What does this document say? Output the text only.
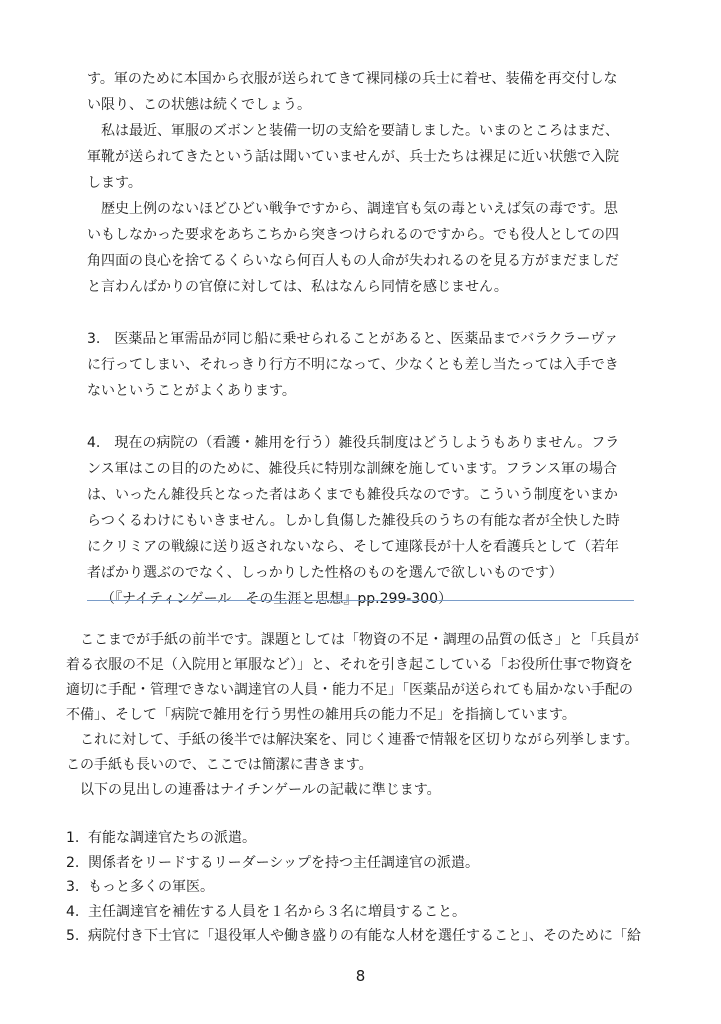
す。軍のために本国から衣服が送られてきて裸同様の兵士に着せ、装備を再交付しな

い限り、この状態は続くでしょう。

私は最近、軍服のズボンと装備一切の支給を要請しました。いまのところはまだ、

軍靴が送られてきたという話は聞いていませんが、兵士たちは裸足に近い状態で入院

します。

歴史上例のないほどひどい戦争ですから、調達官も気の毒といえば気の毒です。思

いもしなかった要求をあちこちから突きつけられるのですから。でも役人としての四

角四面の良心を捨てるくらいなら何百人もの人命が失われるのを見る方がまだましだ

と言わんばかりの官僚に対しては、私はなんら同情を感じません。

3.　医薬品と軍需品が同じ船に乗せられることがあると、医薬品までバラクラーヴァ

に行ってしまい、それっきり行方不明になって、少なくとも差し当たっては入手でき

ないということがよくあります。

4.　現在の病院の（看護・雑用を行う）雑役兵制度はどうしようもありません。フラ

ンス軍はこの目的のために、雑役兵に特別な訓練を施しています。フランス軍の場合

は、いったん雑役兵となった者はあくまでも雑役兵なのです。こういう制度をいまか

らつくるわけにもいきません。しかし負傷した雑役兵のうちの有能な者が全快した時

にクリミアの戦線に送り返されないなら、そして連隊長が十人を看護兵として（若年

者ばかり選ぶのでなく、しっかりした性格のものを選んで欲しいものです）

（『ナイティンゲール　その生涯と思想』pp.299-300）

ここまでが手紙の前半です。課題としては「物資の不足・調理の品質の低さ」と「兵員が

着る衣服の不足（入院用と軍服など）」と、それを引き起こしている「お役所仕事で物資を

適切に手配・管理できない調達官の人員・能力不足」「医薬品が送られても届かない手配の

不備」、そして「病院で雑用を行う男性の雑用兵の能力不足」を指摘しています。

これに対して、手紙の後半では解決案を、同じく連番で情報を区切りながら列挙します。

この手紙も長いので、ここでは簡潔に書きます。

以下の見出しの連番はナイチンゲールの記載に準じます。

1. 有能な調達官たちの派遣。
2. 関係者をリードするリーダーシップを持つ主任調達官の派遣。
3. もっと多くの軍医。
4. 主任調達官を補佐する人員を１名から３名に増員すること。
5. 病院付き下士官に「退役軍人や働き盛りの有能な人材を選任すること」、そのために「給
8
